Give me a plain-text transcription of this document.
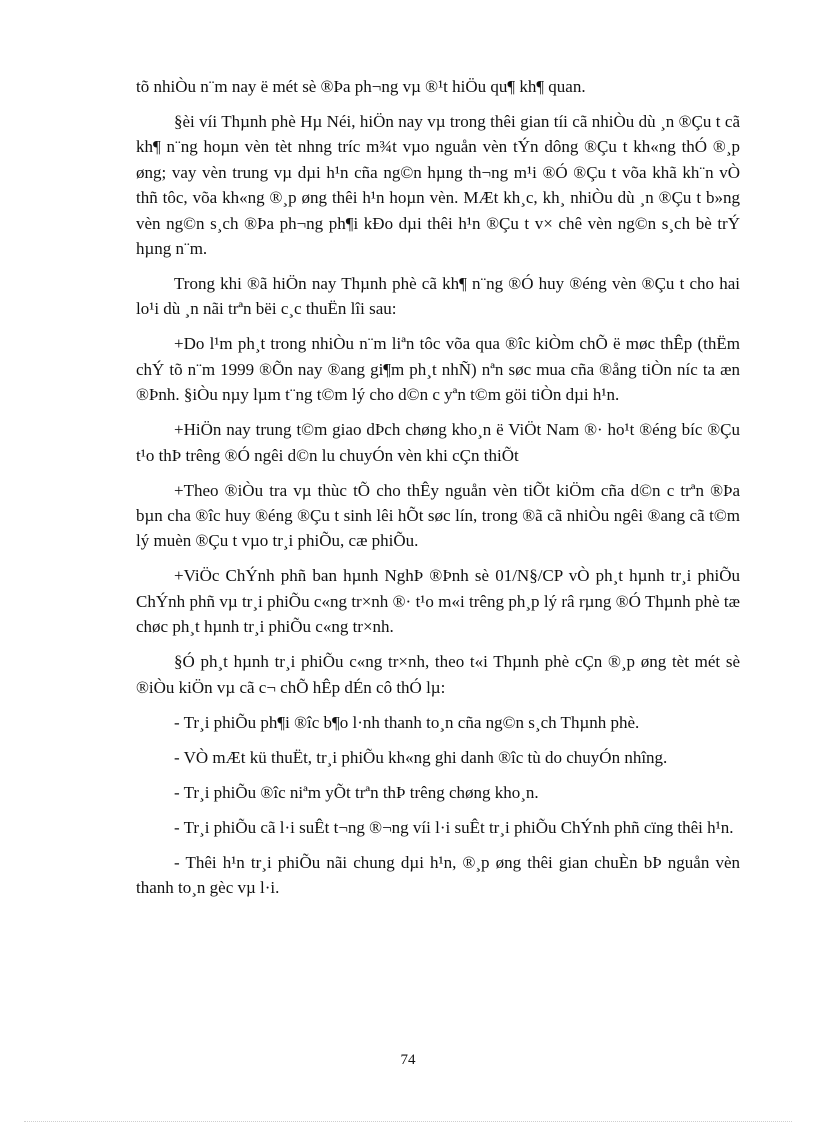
tõ nhiÒu n¨m nay ë mét sè ®Þa ph¬ng vµ ®¹t hiÖu qu¶ kh¶ quan.

§èi víi Thµnh phè Hµ Néi, hiÖn nay vµ trong thêi gian tíi cã nhiÒu dù ¸n ®Çu t cã kh¶ n¨ng hoµn vèn tèt nhng tríc m¾t vµo nguån vèn tÝn dông ®Çu t kh«ng thÓ ®¸p øng; vay vèn trung vµ dµi h¹n cña ng©n hµng th¬ng m¹i ®Ó ®Çu t võa khã kh¨n vÒ thñ tôc, võa kh«ng ®¸p øng thêi h¹n hoµn vèn. MÆt kh¸c, kh¸ nhiÒu dù ¸n ®Çu t b»ng vèn ng©n s¸ch ®Þa ph¬ng ph¶i kÐo dµi thêi h¹n ®Çu t v× chê vèn ng©n s¸ch bè trÝ hµng n¨m.

Trong khi ®ã hiÖn nay Thµnh phè cã kh¶ n¨ng ®Ó huy ®éng vèn ®Çu t cho hai lo¹i dù ¸n nãi trªn bëi c¸c thuËn lîi sau:

+Do l¹m ph¸t trong nhiÒu n¨m liªn tôc võa qua ®îc kiÒm chÕ ë møc thÊp (thËm chÝ tõ n¨m 1999 ®Õn nay ®ang gi¶m ph¸t nhÑ) nªn søc mua cña ®ång tiÒn níc ta æn ®Þnh. §iÒu nµy lµm t¨ng t©m lý cho d©n c yªn t©m göi tiÒn dµi h¹n.

+HiÖn nay trung t©m giao dÞch chøng kho¸n ë ViÖt Nam ®· ho¹t ®éng bíc ®Çu t¹o thÞ trêng ®Ó ngêi d©n lu chuyÓn vèn khi cÇn thiÕt

+Theo ®iÒu tra vµ thùc tÕ cho thÊy nguån vèn tiÕt kiÖm cña d©n c trªn ®Þa bµn cha ®îc huy ®éng ®Çu t sinh lêi hÕt søc lín, trong ®ã cã nhiÒu ngêi ®ang cã t©m lý muèn ®Çu t vµo tr¸i phiÕu, cæ phiÕu.

+ViÖc ChÝnh phñ ban hµnh NghÞ ®Þnh sè 01/N§/CP vÒ ph¸t hµnh tr¸i phiÕu ChÝnh phñ vµ tr¸i phiÕu c«ng tr×nh ®· t¹o m«i trêng ph¸p lý râ rµng ®Ó Thµnh phè tæ chøc ph¸t hµnh tr¸i phiÕu c«ng tr×nh.

§Ó ph¸t hµnh tr¸i phiÕu c«ng tr×nh, theo t«i Thµnh phè cÇn ®¸p øng tèt mét sè ®iÒu kiÖn vµ cã c¬ chÕ hÊp dÉn cô thÓ lµ:

- Tr¸i phiÕu ph¶i ®îc b¶o l·nh thanh to¸n cña ng©n s¸ch Thµnh phè.

- VÒ mÆt kü thuËt, tr¸i phiÕu kh«ng ghi danh ®îc tù do chuyÓn nhîng.

- Tr¸i phiÕu ®îc niªm yÕt trªn thÞ trêng chøng kho¸n.

- Tr¸i phiÕu cã l·i suÊt t¬ng ®¬ng víi l·i suÊt tr¸i phiÕu ChÝnh phñ cïng thêi h¹n.

- Thêi h¹n tr¸i phiÕu nãi chung dµi h¹n, ®¸p øng thêi gian chuÈn bÞ nguån vèn thanh to¸n gèc vµ l·i.

74
